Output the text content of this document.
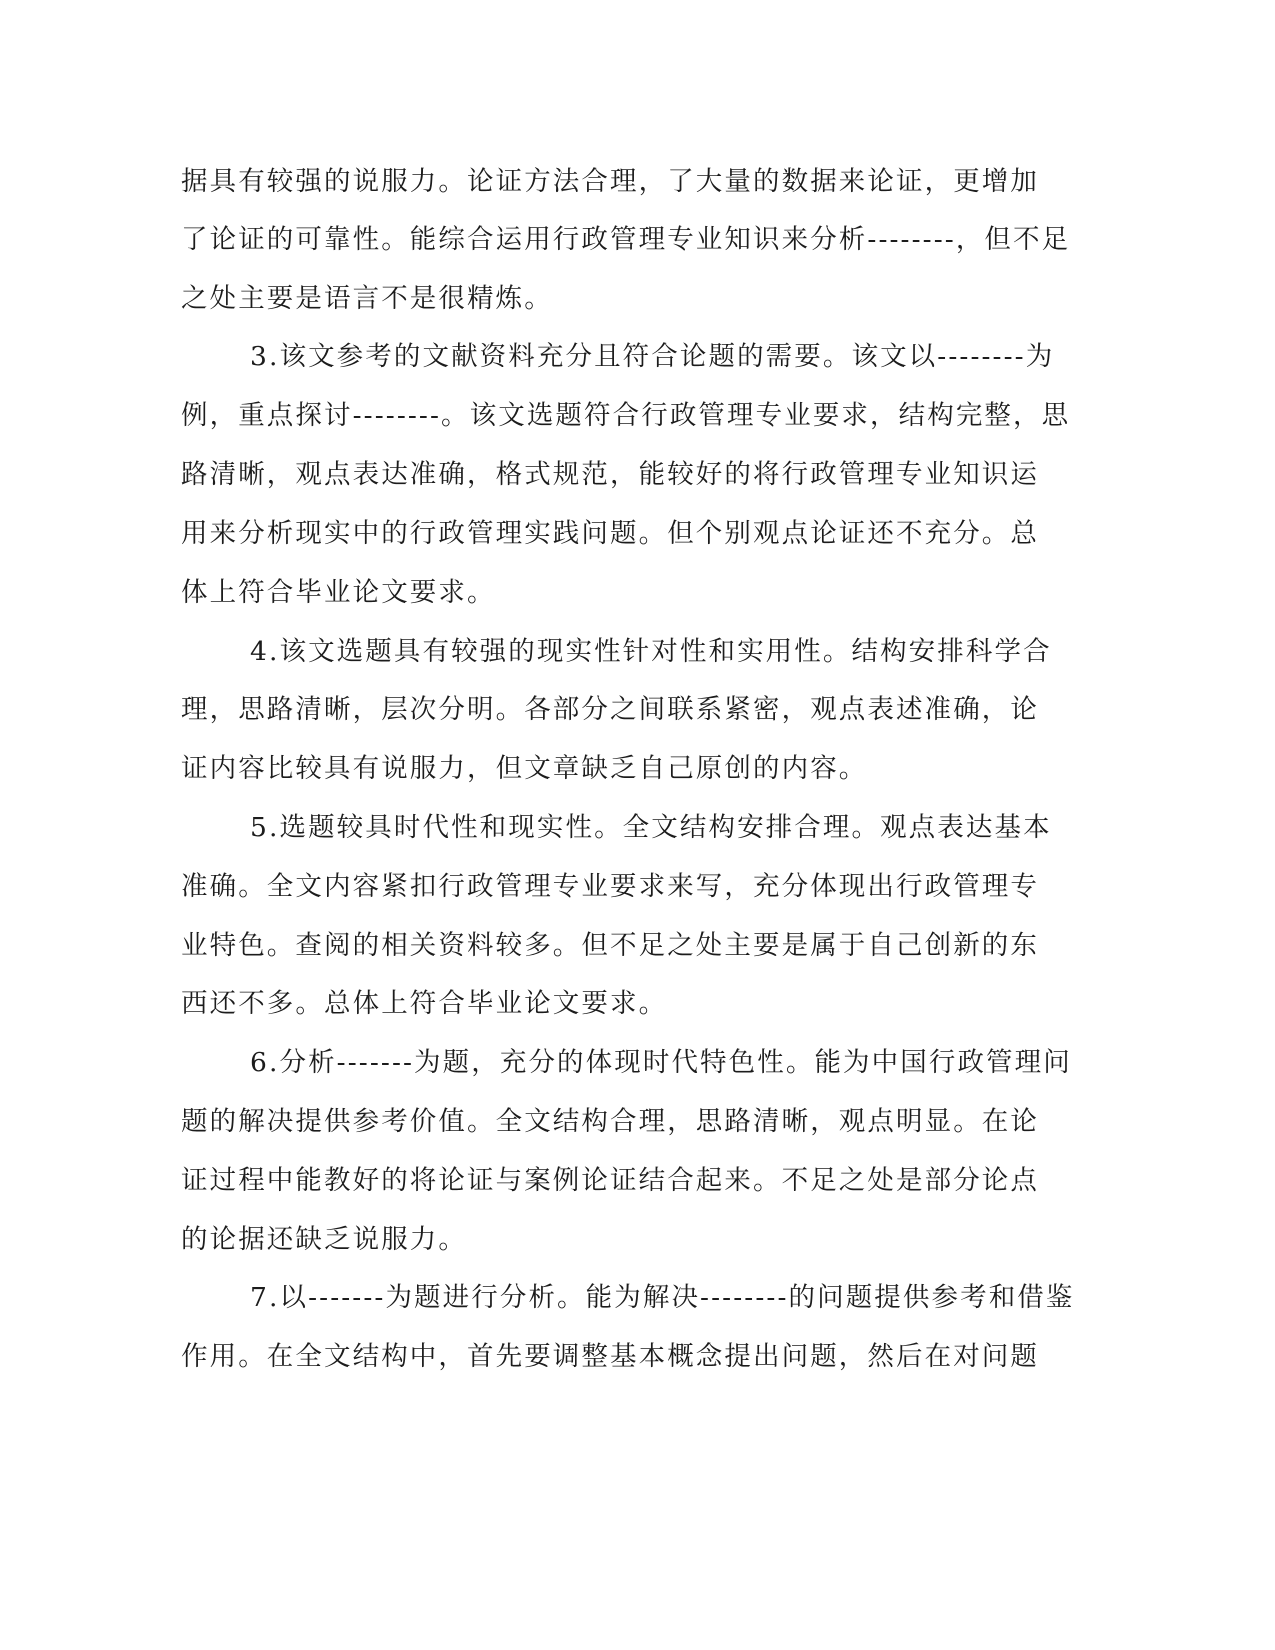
据具有较强的说服力。论证方法合理，了大量的数据来论证，更增加

了论证的可靠性。能综合运用行政管理专业知识来分析--------，但不足

之处主要是语言不是很精炼。

3.该文参考的文献资料充分且符合论题的需要。该文以--------为

例，重点探讨--------。该文选题符合行政管理专业要求，结构完整，思

路清晰，观点表达准确，格式规范，能较好的将行政管理专业知识运

用来分析现实中的行政管理实践问题。但个别观点论证还不充分。总

体上符合毕业论文要求。

4.该文选题具有较强的现实性针对性和实用性。结构安排科学合

理，思路清晰，层次分明。各部分之间联系紧密，观点表述准确，论

证内容比较具有说服力，但文章缺乏自己原创的内容。

5.选题较具时代性和现实性。全文结构安排合理。观点表达基本

准确。全文内容紧扣行政管理专业要求来写，充分体现出行政管理专

业特色。查阅的相关资料较多。但不足之处主要是属于自己创新的东

西还不多。总体上符合毕业论文要求。

6.分析-------为题，充分的体现时代特色性。能为中国行政管理问

题的解决提供参考价值。全文结构合理，思路清晰，观点明显。在论

证过程中能教好的将论证与案例论证结合起来。不足之处是部分论点

的论据还缺乏说服力。

7.以-------为题进行分析。能为解决--------的问题提供参考和借鉴

作用。在全文结构中，首先要调整基本概念提出问题，然后在对问题
